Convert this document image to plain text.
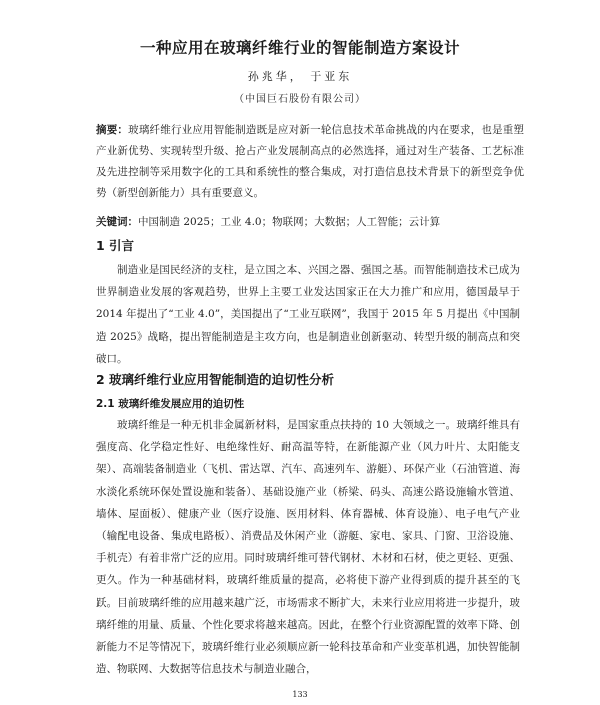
一种应用在玻璃纤维行业的智能制造方案设计
孙兆华， 于亚东
（中国巨石股份有限公司）
摘要：玻璃纤维行业应用智能制造既是应对新一轮信息技术革命挑战的内在要求，也是重塑产业新优势、实现转型升级、抢占产业发展制高点的必然选择，通过对生产装备、工艺标准及先进控制等采用数字化的工具和系统性的整合集成，对打造信息技术背景下的新型竞争优势（新型创新能力）具有重要意义。
关键词：中国制造 2025；工业 4.0；物联网；大数据；人工智能；云计算
1 引言
制造业是国民经济的支柱，是立国之本、兴国之器、强国之基。而智能制造技术已成为世界制造业发展的客观趋势，世界上主要工业发达国家正在大力推广和应用，德国最早于 2014 年提出了“工业 4.0”，美国提出了“工业互联网”，我国于 2015 年 5 月提出《中国制造 2025》战略，提出智能制造是主攻方向，也是制造业创新驱动、转型升级的制高点和突破口。
2 玻璃纤维行业应用智能制造的迫切性分析
2.1 玻璃纤维发展应用的迫切性
玻璃纤维是一种无机非金属新材料，是国家重点扶持的 10 大领域之一。玻璃纤维具有强度高、化学稳定性好、电绝缘性好、耐高温等特，在新能源产业（风力叶片、太阳能支架）、高端装备制造业（飞机、雷达罩、汽车、高速列车、游艇）、环保产业（石油管道、海水淡化系统环保处置设施和装备）、基础设施产业（桥梁、码头、高速公路设施输水管道、墙体、屋面板）、健康产业（医疗设施、医用材料、体育器械、体育设施）、电子电气产业（输配电设备、集成电路板）、消费品及休闲产业（游艇、家电、家具、门窗、卫浴设施、手机壳）有着非常广泛的应用。同时玻璃纤维可替代钢材、木材和石材，使之更轻、更强、更久。作为一种基础材料，玻璃纤维质量的提高，必将使下游产业得到质的提升甚至的飞跃。目前玻璃纤维的应用越来越广泛，市场需求不断扩大，未来行业应用将进一步提升，玻璃纤维的用量、质量、个性化要求将越来越高。因此，在整个行业资源配置的效率下降、创新能力不足等情况下，玻璃纤维行业必须顺应新一轮科技革命和产业变革机遇，加快智能制造、物联网、大数据等信息技术与制造业融合，
133
